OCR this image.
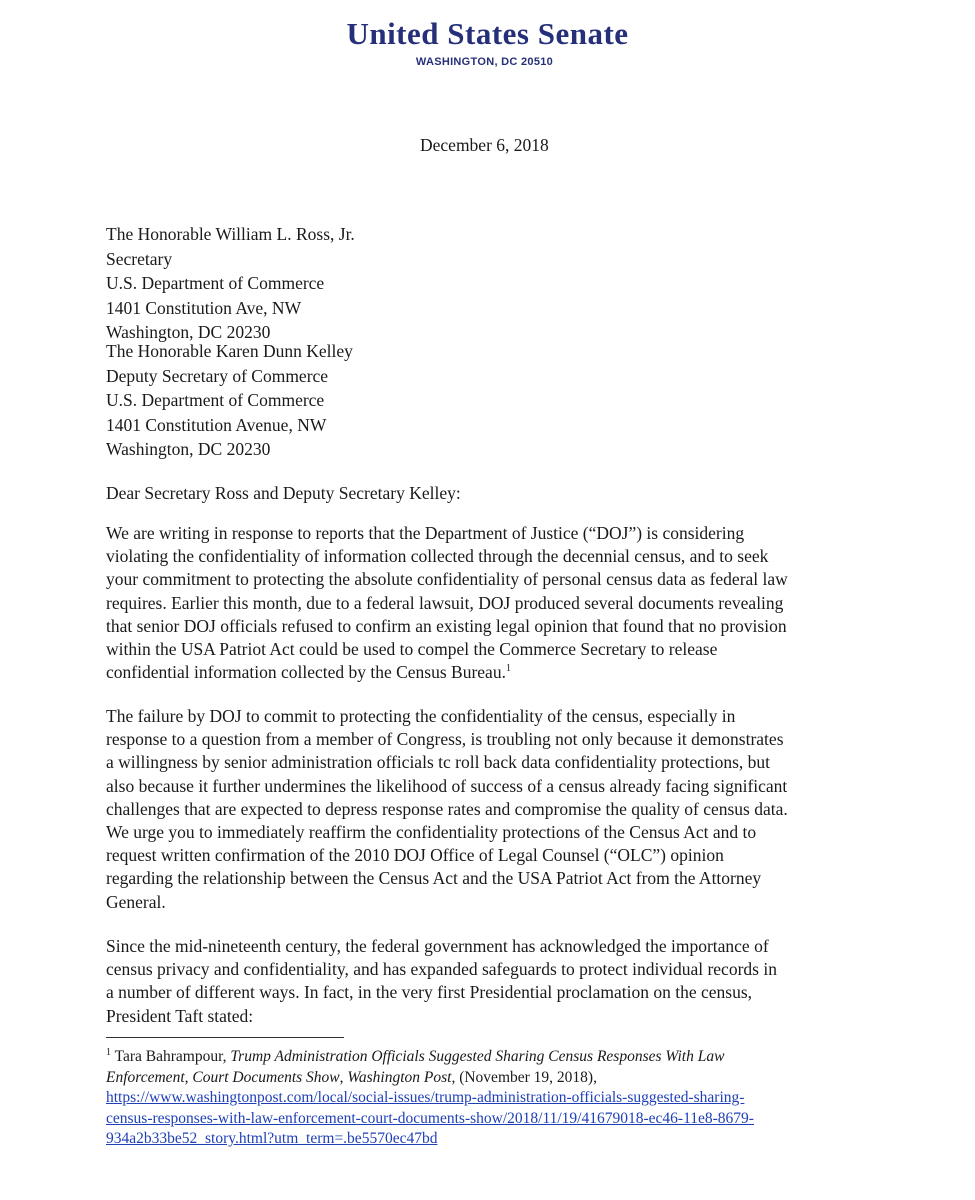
United States Senate
WASHINGTON, DC 20510
December 6, 2018
The Honorable William L. Ross, Jr.
Secretary
U.S. Department of Commerce
1401 Constitution Ave, NW
Washington, DC 20230
The Honorable Karen Dunn Kelley
Deputy Secretary of Commerce
U.S. Department of Commerce
1401 Constitution Avenue, NW
Washington, DC 20230
Dear Secretary Ross and Deputy Secretary Kelley:
We are writing in response to reports that the Department of Justice (“DOJ”) is considering
violating the confidentiality of information collected through the decennial census, and to seek
your commitment to protecting the absolute confidentiality of personal census data as federal law
requires. Earlier this month, due to a federal lawsuit, DOJ produced several documents revealing
that senior DOJ officials refused to confirm an existing legal opinion that found that no provision
within the USA Patriot Act could be used to compel the Commerce Secretary to release
confidential information collected by the Census Bureau.$^1$
The failure by DOJ to commit to protecting the confidentiality of the census, especially in
response to a question from a member of Congress, is troubling not only because it demonstrates
a willingness by senior administration officials tc roll back data confidentiality protections, but
also because it further undermines the likelihood of success of a census already facing significant
challenges that are expected to depress response rates and compromise the quality of census data.
We urge you to immediately reaffirm the confidentiality protections of the Census Act and to
request written confirmation of the 2010 DOJ Office of Legal Counsel (“OLC”) opinion
regarding the relationship between the Census Act and the USA Patriot Act from the Attorney
General.
Since the mid-nineteenth century, the federal government has acknowledged the importance of
census privacy and confidentiality, and has expanded safeguards to protect individual records in
a number of different ways. In fact, in the very first Presidential proclamation on the census,
President Taft stated:
$^1$ Tara Bahrampour, Trump Administration Officials Suggested Sharing Census Responses With Law
Enforcement, Court Documents Show, Washington Post, (November 19, 2018),
https://www.washingtonpost.com/local/social-issues/trump-administration-officials-suggested-sharing-
census-responses-with-law-enforcement-court-documents-show/2018/11/19/41679018-ec46-11e8-8679-
934a2b33be52_story.html?utm_term=.be5570ec47bd
